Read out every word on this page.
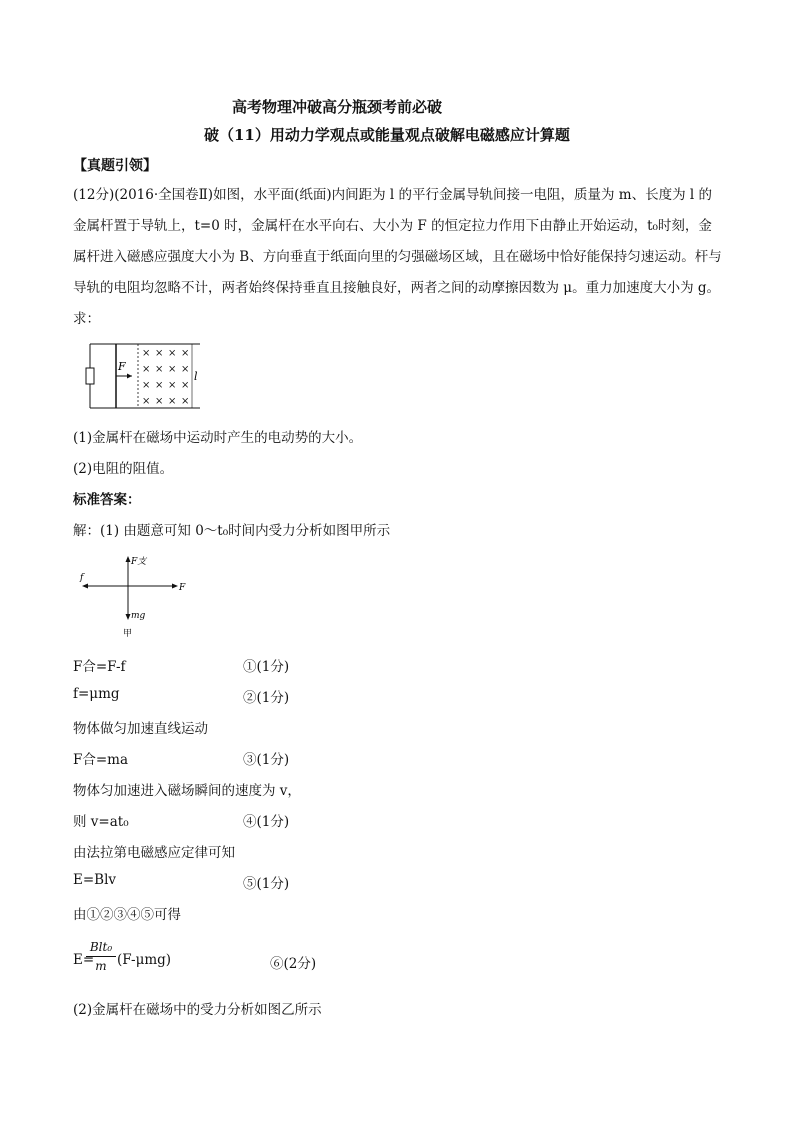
高考物理冲破高分瓶颈考前必破
破（11）用动力学观点或能量观点破解电磁感应计算题
【真题引领】
(12分)(2016·全国卷Ⅱ)如图，水平面(纸面)内间距为 l 的平行金属导轨间接一电阻，质量为 m、长度为 l 的金属杆置于导轨上，t=0 时，金属杆在水平向右、大小为 F 的恒定拉力作用下由静止开始运动，t₀时刻，金属杆进入磁感应强度大小为 B、方向垂直于纸面向里的匀强磁场区域，且在磁场中恰好能保持匀速运动。杆与导轨的电阻均忽略不计，两者始终保持垂直且接触良好，两者之间的动摩擦因数为 μ。重力加速度大小为 g。求：
F
× × × ×
× × × ×
× × × ×
× × × ×
l
(1)金属杆在磁场中运动时产生的电动势的大小。
(2)电阻的阻值。
标准答案：
解：(1) 由题意可知 0～t₀时间内受力分析如图甲所示
F支
f
F
mg
甲
F合=F-f	①(1分)
f=μmg	②(1分)
物体做匀加速直线运动
F合=ma	③(1分)
物体匀加速进入磁场瞬间的速度为 v，
则 v=at₀	④(1分)
由法拉第电磁感应定律可知
E=Blv	⑤(1分)
由①②③④⑤可得
E=
Blt₀
m (F-μmg)	⑥(2分)
(2)金属杆在磁场中的受力分析如图乙所示
